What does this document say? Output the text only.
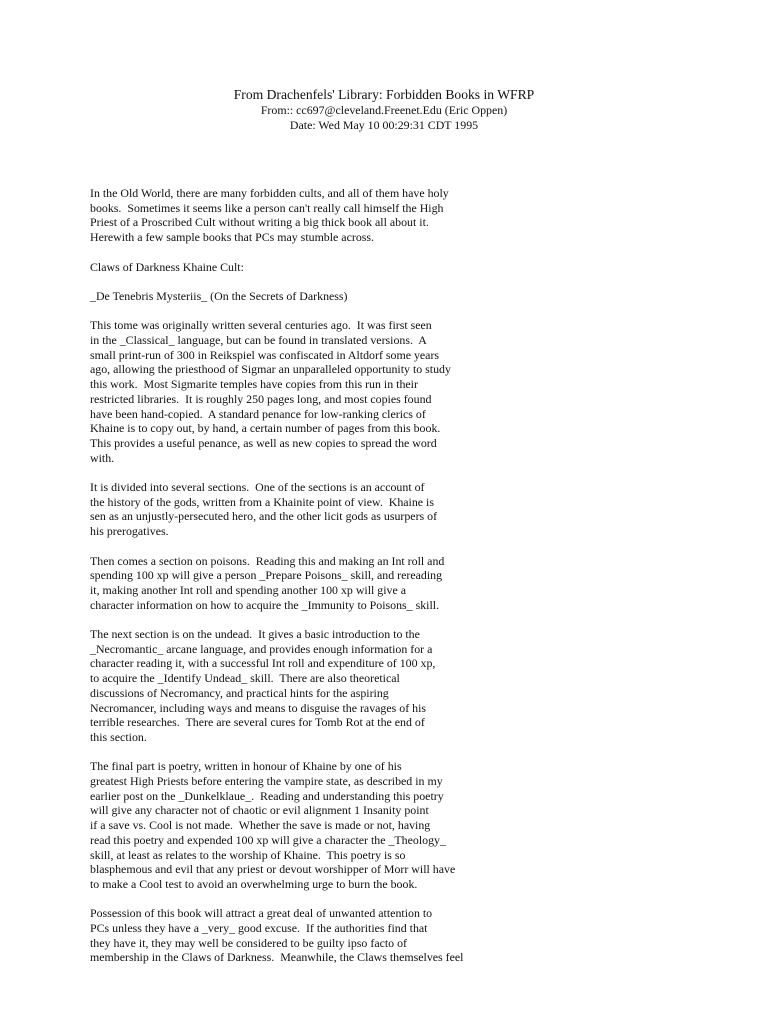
From Drachenfels' Library: Forbidden Books in WFRP
From:: cc697@cleveland.Freenet.Edu (Eric Oppen)
Date: Wed May 10 00:29:31 CDT 1995
In the Old World, there are many forbidden cults, and all of them have holy
books.  Sometimes it seems like a person can't really call himself the High
Priest of a Proscribed Cult without writing a big thick book all about it.
Herewith a few sample books that PCs may stumble across.
Claws of Darkness Khaine Cult:
_De Tenebris Mysteriis_ (On the Secrets of Darkness)
This tome was originally written several centuries ago.  It was first seen
in the _Classical_ language, but can be found in translated versions.  A
small print-run of 300 in Reikspiel was confiscated in Altdorf some years
ago, allowing the priesthood of Sigmar an unparalleled opportunity to study
this work.  Most Sigmarite temples have copies from this run in their
restricted libraries.  It is roughly 250 pages long, and most copies found
have been hand-copied.  A standard penance for low-ranking clerics of
Khaine is to copy out, by hand, a certain number of pages from this book.
This provides a useful penance, as well as new copies to spread the word
with.
It is divided into several sections.  One of the sections is an account of
the history of the gods, written from a Khainite point of view.  Khaine is
sen as an unjustly-persecuted hero, and the other licit gods as usurpers of
his prerogatives.
Then comes a section on poisons.  Reading this and making an Int roll and
spending 100 xp will give a person _Prepare Poisons_ skill, and rereading
it, making another Int roll and spending another 100 xp will give a
character information on how to acquire the _Immunity to Poisons_ skill.
The next section is on the undead.  It gives a basic introduction to the
_Necromantic_ arcane language, and provides enough information for a
character reading it, with a successful Int roll and expenditure of 100 xp,
to acquire the _Identify Undead_ skill.  There are also theoretical
discussions of Necromancy, and practical hints for the aspiring
Necromancer, including ways and means to disguise the ravages of his
terrible researches.  There are several cures for Tomb Rot at the end of
this section.
The final part is poetry, written in honour of Khaine by one of his
greatest High Priests before entering the vampire state, as described in my
earlier post on the _Dunkelklaue_.  Reading and understanding this poetry
will give any character not of chaotic or evil alignment 1 Insanity point
if a save vs. Cool is not made.  Whether the save is made or not, having
read this poetry and expended 100 xp will give a character the _Theology_
skill, at least as relates to the worship of Khaine.  This poetry is so
blasphemous and evil that any priest or devout worshipper of Morr will have
to make a Cool test to avoid an overwhelming urge to burn the book.
Possession of this book will attract a great deal of unwanted attention to
PCs unless they have a _very_ good excuse.  If the authorities find that
they have it, they may well be considered to be guilty ipso facto of
membership in the Claws of Darkness.  Meanwhile, the Claws themselves feel
